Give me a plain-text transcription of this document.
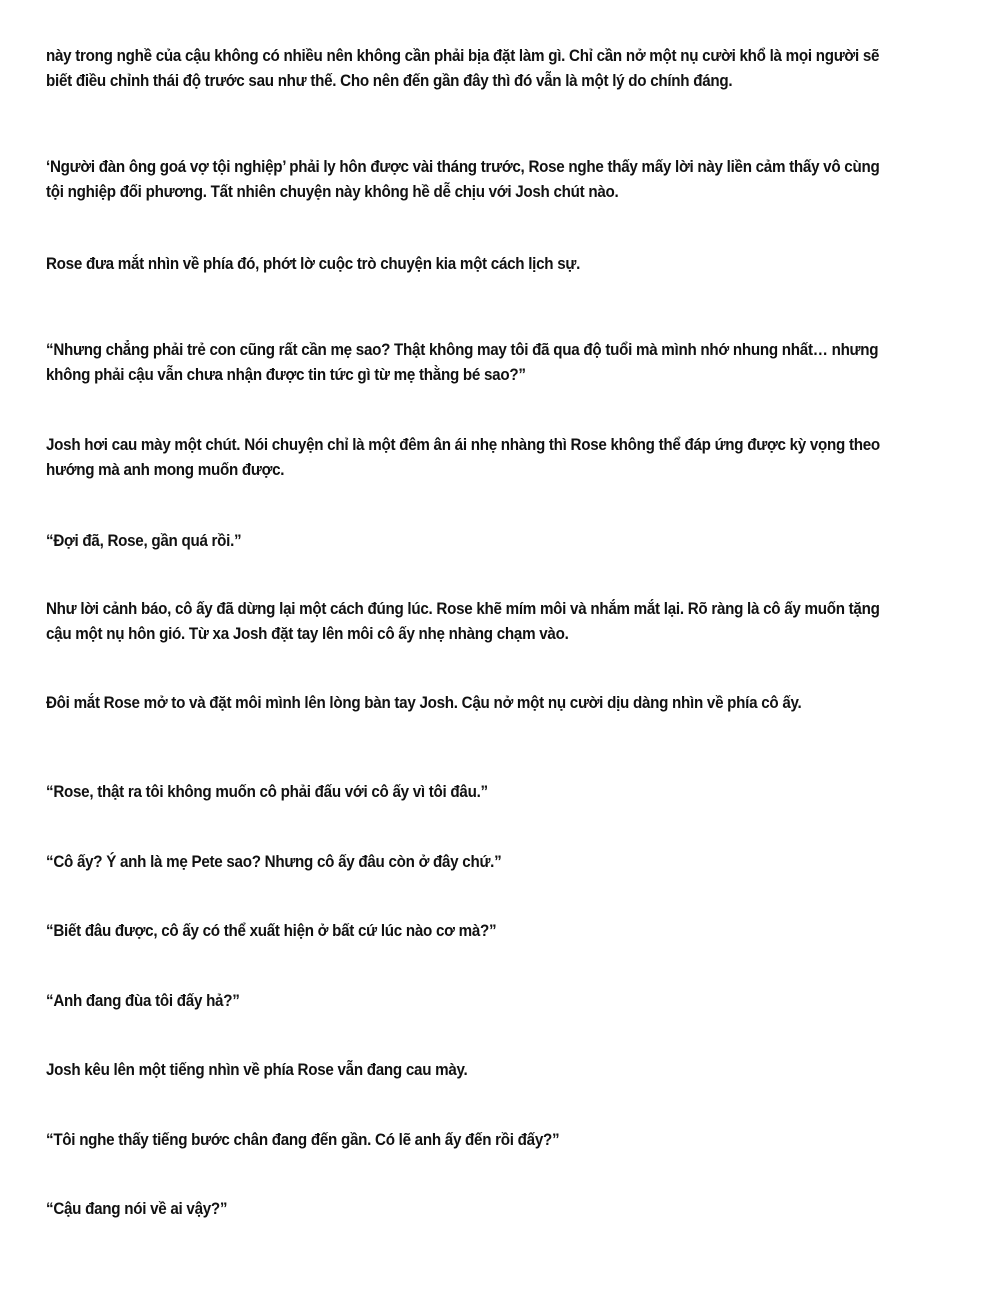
này trong nghề của cậu không có nhiều nên không cần phải bịa đặt làm gì. Chỉ cần nở một nụ cười khổ là mọi người sẽ biết điều chỉnh thái độ trước sau như thế. Cho nên đến gần đây thì đó vẫn là một lý do chính đáng.

‘Người đàn ông goá vợ tội nghiệp’ phải ly hôn được vài tháng trước, Rose nghe thấy mấy lời này liền cảm thấy vô cùng tội nghiệp đối phương. Tất nhiên chuyện này không hề dễ chịu với Josh chút nào.

Rose đưa mắt nhìn về phía đó, phớt lờ cuộc trò chuyện kia một cách lịch sự.

“Nhưng chẳng phải trẻ con cũng rất cần mẹ sao? Thật không may tôi đã qua độ tuổi mà mình nhớ nhung nhất… nhưng không phải cậu vẫn chưa nhận được tin tức gì từ mẹ thằng bé sao?”

Josh hơi cau mày một chút. Nói chuyện chỉ là một đêm ân ái nhẹ nhàng thì Rose không thể đáp ứng được kỳ vọng theo hướng mà anh mong muốn được.

“Đợi đã, Rose, gần quá rồi.”

Như lời cảnh báo, cô ấy đã dừng lại một cách đúng lúc. Rose khẽ mím môi và nhắm mắt lại. Rõ ràng là cô ấy muốn tặng cậu một nụ hôn gió. Từ xa Josh đặt tay lên môi cô ấy nhẹ nhàng chạm vào.

Đôi mắt Rose mở to và đặt môi mình lên lòng bàn tay Josh. Cậu nở một nụ cười dịu dàng nhìn về phía cô ấy.

“Rose, thật ra tôi không muốn cô phải đấu với cô ấy vì tôi đâu.”

“Cô ấy? Ý anh là mẹ Pete sao? Nhưng cô ấy đâu còn ở đây chứ.”

“Biết đâu được, cô ấy có thể xuất hiện ở bất cứ lúc nào cơ mà?”

“Anh đang đùa tôi đấy hả?”

Josh kêu lên một tiếng nhìn về phía Rose vẫn đang cau mày.

“Tôi nghe thấy tiếng bước chân đang đến gần. Có lẽ anh ấy đến rồi đấy?”

“Cậu đang nói về ai vậy?”
